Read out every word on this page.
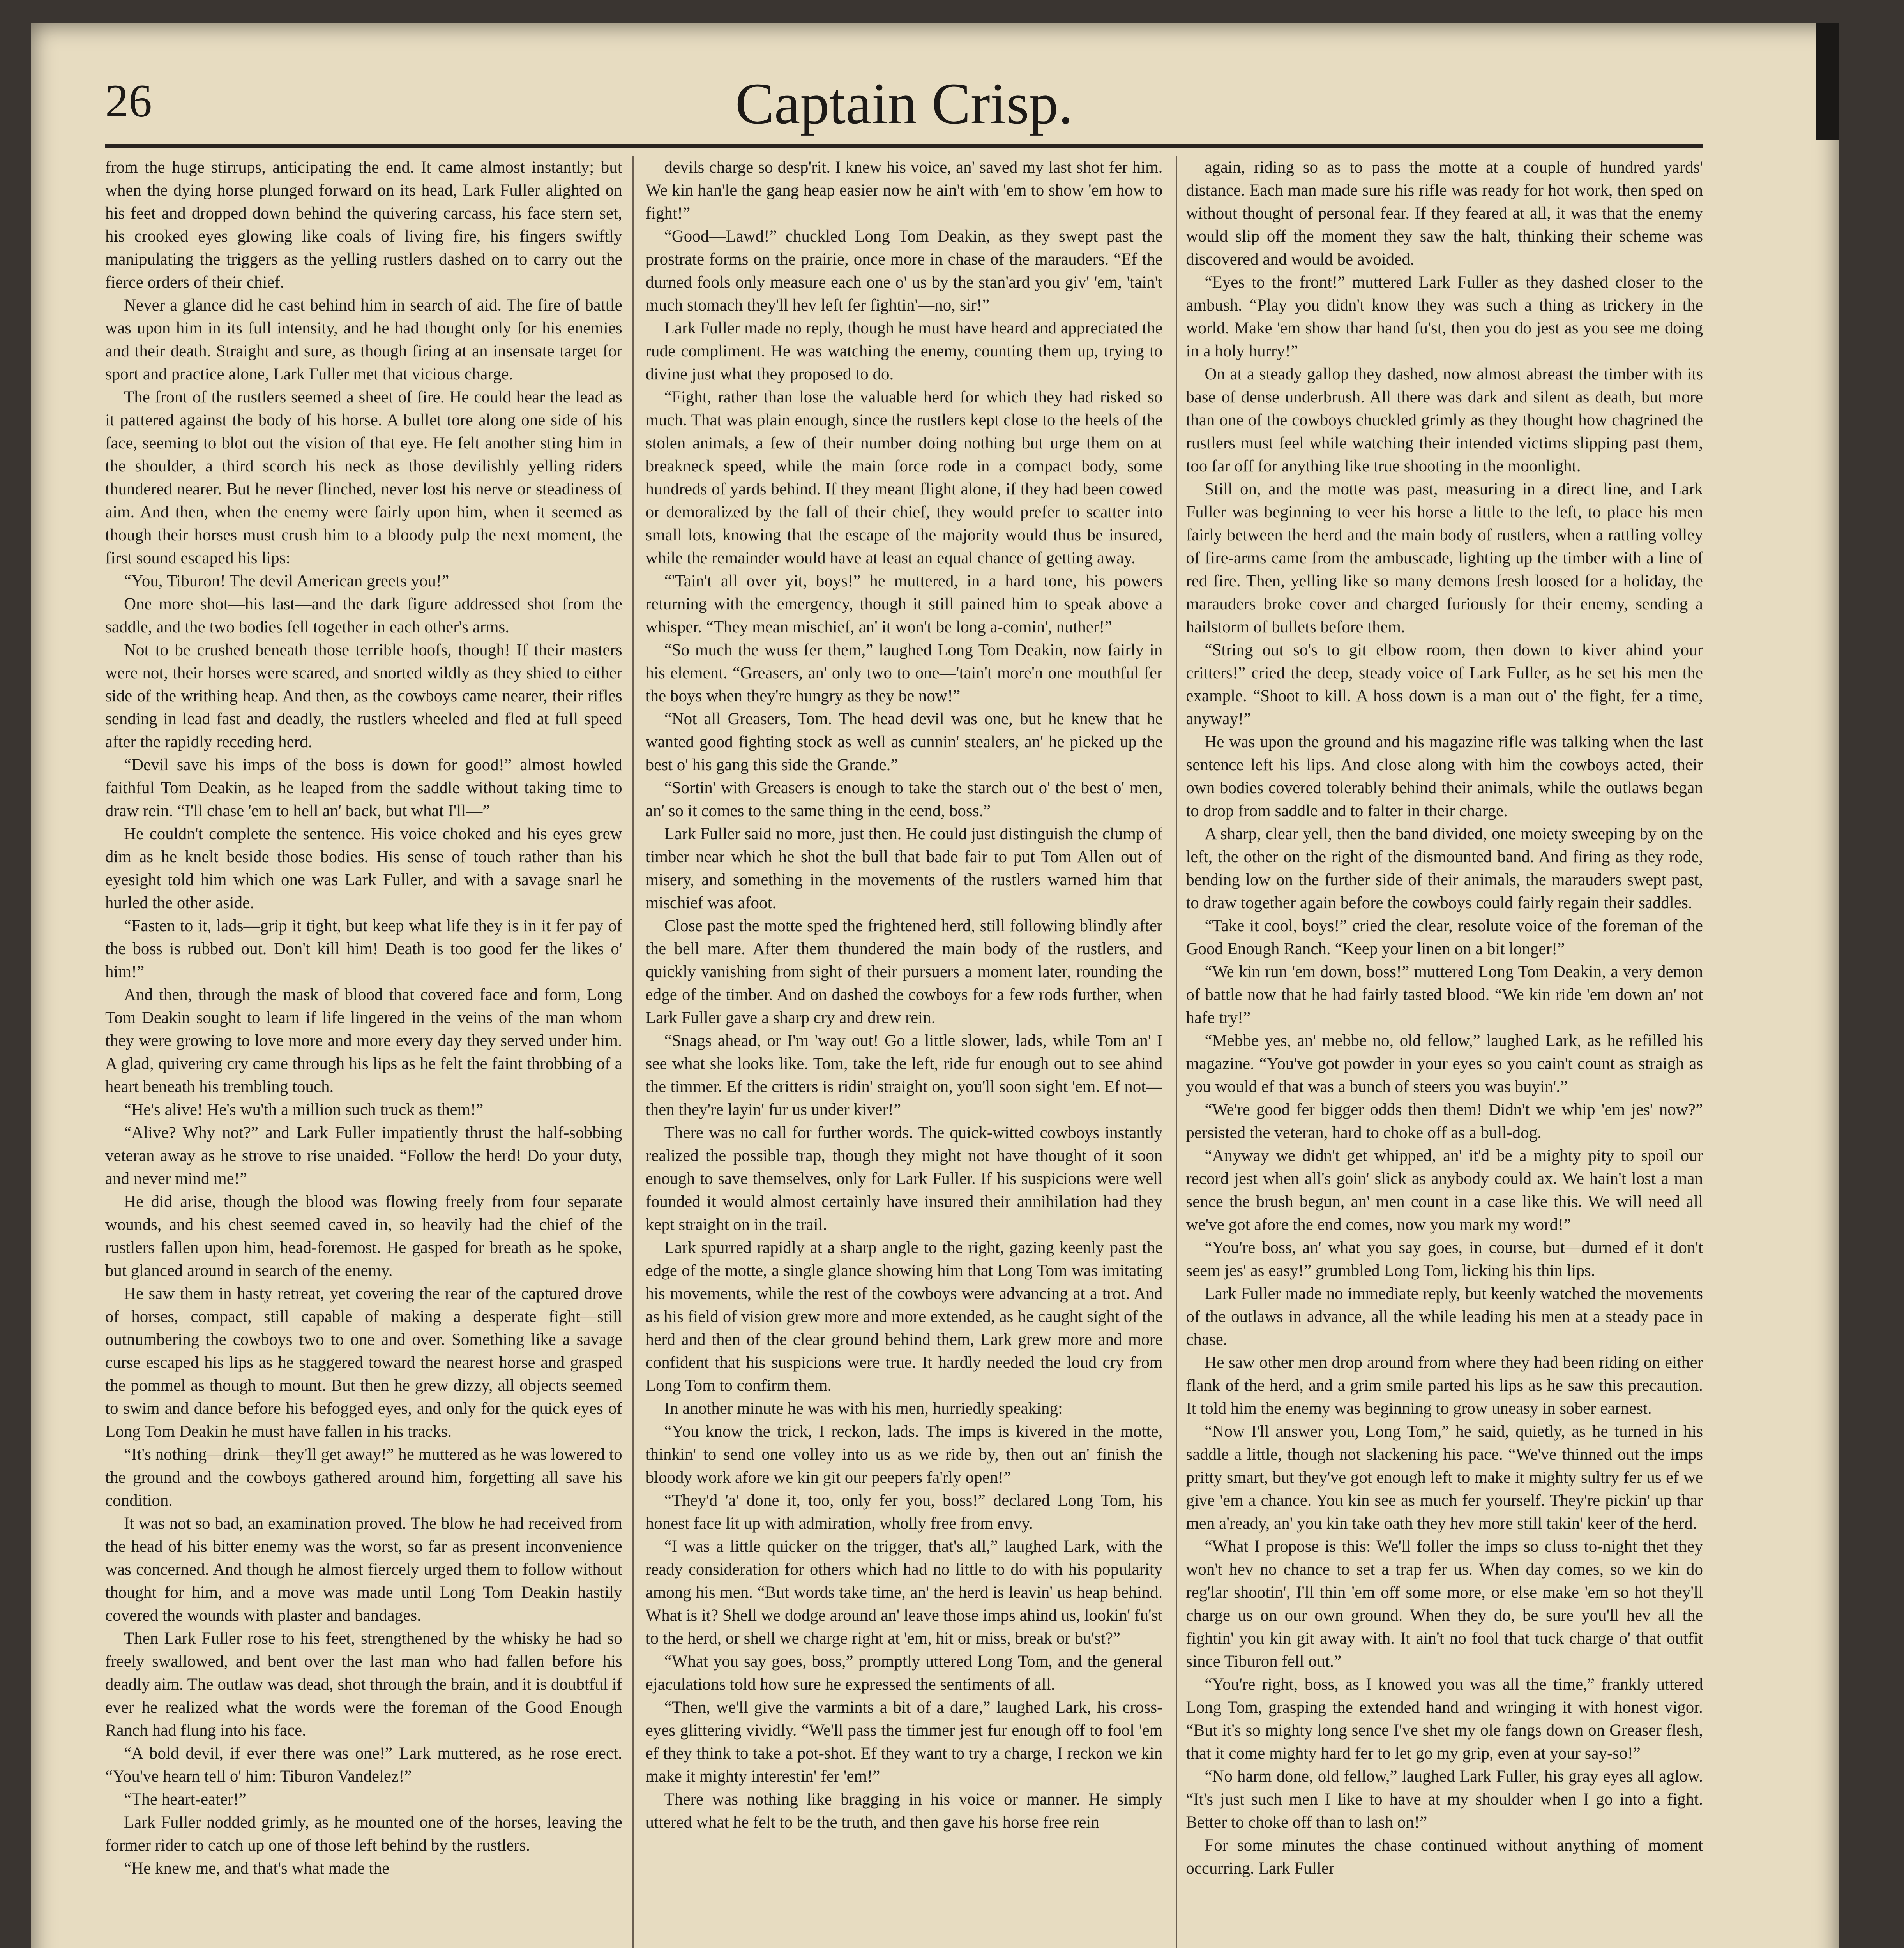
26	Captain Crisp.

from the huge stirrups, anticipating the end. It came almost instantly; but when the dying horse plunged forward on its head, Lark Fuller alighted on his feet and dropped down behind the quivering carcass, his face stern set, his crooked eyes glowing like coals of living fire, his fingers swiftly manipulating the triggers as the yelling rustlers dashed on to carry out the fierce orders of their chief.

Never a glance did he cast behind him in search of aid. The fire of battle was upon him in its full intensity, and he had thought only for his enemies and their death. Straight and sure, as though firing at an insensate target for sport and practice alone, Lark Fuller met that vicious charge.

The front of the rustlers seemed a sheet of fire. He could hear the lead as it pattered against the body of his horse. A bullet tore along one side of his face, seeming to blot out the vision of that eye. He felt another sting him in the shoulder, a third scorch his neck as those devilishly yelling riders thundered nearer. But he never flinched, never lost his nerve or steadiness of aim. And then, when the enemy were fairly upon him, when it seemed as though their horses must crush him to a bloody pulp the next moment, the first sound escaped his lips:

“You, Tiburon! The devil American greets you!”

One more shot—his last—and the dark figure addressed shot from the saddle, and the two bodies fell together in each other's arms.

Not to be crushed beneath those terrible hoofs, though! If their masters were not, their horses were scared, and snorted wildly as they shied to either side of the writhing heap. And then, as the cowboys came nearer, their rifles sending in lead fast and deadly, the rustlers wheeled and fled at full speed after the rapidly receding herd.

“Devil save his imps of the boss is down for good!” almost howled faithful Tom Deakin, as he leaped from the saddle without taking time to draw rein. “I'll chase 'em to hell an' back, but what I'll—”

He couldn't complete the sentence. His voice choked and his eyes grew dim as he knelt beside those bodies. His sense of touch rather than his eyesight told him which one was Lark Fuller, and with a savage snarl he hurled the other aside.

“Fasten to it, lads—grip it tight, but keep what life they is in it fer pay of the boss is rubbed out. Don't kill him! Death is too good fer the likes o' him!”

And then, through the mask of blood that covered face and form, Long Tom Deakin sought to learn if life lingered in the veins of the man whom they were growing to love more and more every day they served under him. A glad, quivering cry came through his lips as he felt the faint throbbing of a heart beneath his trembling touch.

“He's alive! He's wu'th a million such truck as them!”

“Alive? Why not?” and Lark Fuller impatiently thrust the half-sobbing veteran away as he strove to rise unaided. “Follow the herd! Do your duty, and never mind me!”

He did arise, though the blood was flowing freely from four separate wounds, and his chest seemed caved in, so heavily had the chief of the rustlers fallen upon him, head-foremost. He gasped for breath as he spoke, but glanced around in search of the enemy.

He saw them in hasty retreat, yet covering the rear of the captured drove of horses, compact, still capable of making a desperate fight—still outnumbering the cowboys two to one and over. Something like a savage curse escaped his lips as he staggered toward the nearest horse and grasped the pommel as though to mount. But then he grew dizzy, all objects seemed to swim and dance before his befogged eyes, and only for the quick eyes of Long Tom Deakin he must have fallen in his tracks.

“It's nothing—drink—they'll get away!” he muttered as he was lowered to the ground and the cowboys gathered around him, forgetting all save his condition.

It was not so bad, an examination proved. The blow he had received from the head of his bitter enemy was the worst, so far as present inconvenience was concerned. And though he almost fiercely urged them to follow without thought for him, and a move was made until Long Tom Deakin hastily covered the wounds with plaster and bandages.

Then Lark Fuller rose to his feet, strengthened by the whisky he had so freely swallowed, and bent over the last man who had fallen before his deadly aim. The outlaw was dead, shot through the brain, and it is doubtful if ever he realized what the words were the foreman of the Good Enough Ranch had flung into his face.

“A bold devil, if ever there was one!” Lark muttered, as he rose erect. “You've hearn tell o' him: Tiburon Vandelez!”

“The heart-eater!”

Lark Fuller nodded grimly, as he mounted one of the horses, leaving the former rider to catch up one of those left behind by the rustlers.

“He knew me, and that's what made the

devils charge so desp'rit. I knew his voice, an' saved my last shot fer him. We kin han'le the gang heap easier now he ain't with 'em to show 'em how to fight!”

“Good—Lawd!” chuckled Long Tom Deakin, as they swept past the prostrate forms on the prairie, once more in chase of the marauders. “Ef the durned fools only measure each one o' us by the stan'ard you giv' 'em, 'tain't much stomach they'll hev left fer fightin'—no, sir!”

Lark Fuller made no reply, though he must have heard and appreciated the rude compliment. He was watching the enemy, counting them up, trying to divine just what they proposed to do.

“Fight, rather than lose the valuable herd for which they had risked so much. That was plain enough, since the rustlers kept close to the heels of the stolen animals, a few of their number doing nothing but urge them on at breakneck speed, while the main force rode in a compact body, some hundreds of yards behind. If they meant flight alone, if they had been cowed or demoralized by the fall of their chief, they would prefer to scatter into small lots, knowing that the escape of the majority would thus be insured, while the remainder would have at least an equal chance of getting away.

“'Tain't all over yit, boys!” he muttered, in a hard tone, his powers returning with the emergency, though it still pained him to speak above a whisper. “They mean mischief, an' it won't be long a-comin', nuther!”

“So much the wuss fer them,” laughed Long Tom Deakin, now fairly in his element. “Greasers, an' only two to one—'tain't more'n one mouthful fer the boys when they're hungry as they be now!”

“Not all Greasers, Tom. The head devil was one, but he knew that he wanted good fighting stock as well as cunnin' stealers, an' he picked up the best o' his gang this side the Grande.”

“Sortin' with Greasers is enough to take the starch out o' the best o' men, an' so it comes to the same thing in the eend, boss.”

Lark Fuller said no more, just then. He could just distinguish the clump of timber near which he shot the bull that bade fair to put Tom Allen out of misery, and something in the movements of the rustlers warned him that mischief was afoot.

Close past the motte sped the frightened herd, still following blindly after the bell mare. After them thundered the main body of the rustlers, and quickly vanishing from sight of their pursuers a moment later, rounding the edge of the timber. And on dashed the cowboys for a few rods further, when Lark Fuller gave a sharp cry and drew rein.

“Snags ahead, or I'm 'way out! Go a little slower, lads, while Tom an' I see what she looks like. Tom, take the left, ride fur enough out to see ahind the timmer. Ef the critters is ridin' straight on, you'll soon sight 'em. Ef not—then they're layin' fur us under kiver!”

There was no call for further words. The quick-witted cowboys instantly realized the possible trap, though they might not have thought of it soon enough to save themselves, only for Lark Fuller. If his suspicions were well founded it would almost certainly have insured their annihilation had they kept straight on in the trail.

Lark spurred rapidly at a sharp angle to the right, gazing keenly past the edge of the motte, a single glance showing him that Long Tom was imitating his movements, while the rest of the cowboys were advancing at a trot. And as his field of vision grew more and more extended, as he caught sight of the herd and then of the clear ground behind them, Lark grew more and more confident that his suspicions were true. It hardly needed the loud cry from Long Tom to confirm them.

In another minute he was with his men, hurriedly speaking:

“You know the trick, I reckon, lads. The imps is kivered in the motte, thinkin' to send one volley into us as we ride by, then out an' finish the bloody work afore we kin git our peepers fa'rly open!”

“They'd 'a' done it, too, only fer you, boss!” declared Long Tom, his honest face lit up with admiration, wholly free from envy.

“I was a little quicker on the trigger, that's all,” laughed Lark, with the ready consideration for others which had no little to do with his popularity among his men. “But words take time, an' the herd is leavin' us heap behind. What is it? Shell we dodge around an' leave those imps ahind us, lookin' fu'st to the herd, or shell we charge right at 'em, hit or miss, break or bu'st?”

“What you say goes, boss,” promptly uttered Long Tom, and the general ejaculations told how sure he expressed the sentiments of all.

“Then, we'll give the varmints a bit of a dare,” laughed Lark, his cross-eyes glittering vividly. “We'll pass the timmer jest fur enough off to fool 'em ef they think to take a pot-shot. Ef they want to try a charge, I reckon we kin make it mighty interestin' fer 'em!”

There was nothing like bragging in his voice or manner. He simply uttered what he felt to be the truth, and then gave his horse free rein

again, riding so as to pass the motte at a couple of hundred yards' distance. Each man made sure his rifle was ready for hot work, then sped on without thought of personal fear. If they feared at all, it was that the enemy would slip off the moment they saw the halt, thinking their scheme was discovered and would be avoided.

“Eyes to the front!” muttered Lark Fuller as they dashed closer to the ambush. “Play you didn't know they was such a thing as trickery in the world. Make 'em show thar hand fu'st, then you do jest as you see me doing in a holy hurry!”

On at a steady gallop they dashed, now almost abreast the timber with its base of dense underbrush. All there was dark and silent as death, but more than one of the cowboys chuckled grimly as they thought how chagrined the rustlers must feel while watching their intended victims slipping past them, too far off for anything like true shooting in the moonlight.

Still on, and the motte was past, measuring in a direct line, and Lark Fuller was beginning to veer his horse a little to the left, to place his men fairly between the herd and the main body of rustlers, when a rattling volley of fire-arms came from the ambuscade, lighting up the timber with a line of red fire. Then, yelling like so many demons fresh loosed for a holiday, the marauders broke cover and charged furiously for their enemy, sending a hailstorm of bullets before them.

“String out so's to git elbow room, then down to kiver ahind your critters!” cried the deep, steady voice of Lark Fuller, as he set his men the example. “Shoot to kill. A hoss down is a man out o' the fight, fer a time, anyway!”

He was upon the ground and his magazine rifle was talking when the last sentence left his lips. And close along with him the cowboys acted, their own bodies covered tolerably behind their animals, while the outlaws began to drop from saddle and to falter in their charge.

A sharp, clear yell, then the band divided, one moiety sweeping by on the left, the other on the right of the dismounted band. And firing as they rode, bending low on the further side of their animals, the marauders swept past, to draw together again before the cowboys could fairly regain their saddles.

“Take it cool, boys!” cried the clear, resolute voice of the foreman of the Good Enough Ranch. “Keep your linen on a bit longer!”

“We kin run 'em down, boss!” muttered Long Tom Deakin, a very demon of battle now that he had fairly tasted blood. “We kin ride 'em down an' not hafe try!”

“Mebbe yes, an' mebbe no, old fellow,” laughed Lark, as he refilled his magazine. “You've got powder in your eyes so you cain't count as straigh as you would ef that was a bunch of steers you was buyin'.”

“We're good fer bigger odds then them! Didn't we whip 'em jes' now?” persisted the veteran, hard to choke off as a bull-dog.

“Anyway we didn't get whipped, an' it'd be a mighty pity to spoil our record jest when all's goin' slick as anybody could ax. We hain't lost a man sence the brush begun, an' men count in a case like this. We will need all we've got afore the end comes, now you mark my word!”

“You're boss, an' what you say goes, in course, but—durned ef it don't seem jes' as easy!” grumbled Long Tom, licking his thin lips.

Lark Fuller made no immediate reply, but keenly watched the movements of the outlaws in advance, all the while leading his men at a steady pace in chase.

He saw other men drop around from where they had been riding on either flank of the herd, and a grim smile parted his lips as he saw this precaution. It told him the enemy was beginning to grow uneasy in sober earnest.

“Now I'll answer you, Long Tom,” he said, quietly, as he turned in his saddle a little, though not slackening his pace. “We've thinned out the imps pritty smart, but they've got enough left to make it mighty sultry fer us ef we give 'em a chance. You kin see as much fer yourself. They're pickin' up thar men a'ready, an' you kin take oath they hev more still takin' keer of the herd.

“What I propose is this: We'll foller the imps so cluss to-night thet they won't hev no chance to set a trap fer us. When day comes, so we kin do reg'lar shootin', I'll thin 'em off some more, or else make 'em so hot they'll charge us on our own ground. When they do, be sure you'll hev all the fightin' you kin git away with. It ain't no fool that tuck charge o' that outfit since Tiburon fell out.”

“You're right, boss, as I knowed you was all the time,” frankly uttered Long Tom, grasping the extended hand and wringing it with honest vigor. “But it's so mighty long sence I've shet my ole fangs down on Greaser flesh, that it come mighty hard fer to let go my grip, even at your say-so!”

“No harm done, old fellow,” laughed Lark Fuller, his gray eyes all aglow. “It's just such men I like to have at my shoulder when I go into a fight. Better to choke off than to lash on!”

For some minutes the chase continued without anything of moment occurring. Lark Fuller
